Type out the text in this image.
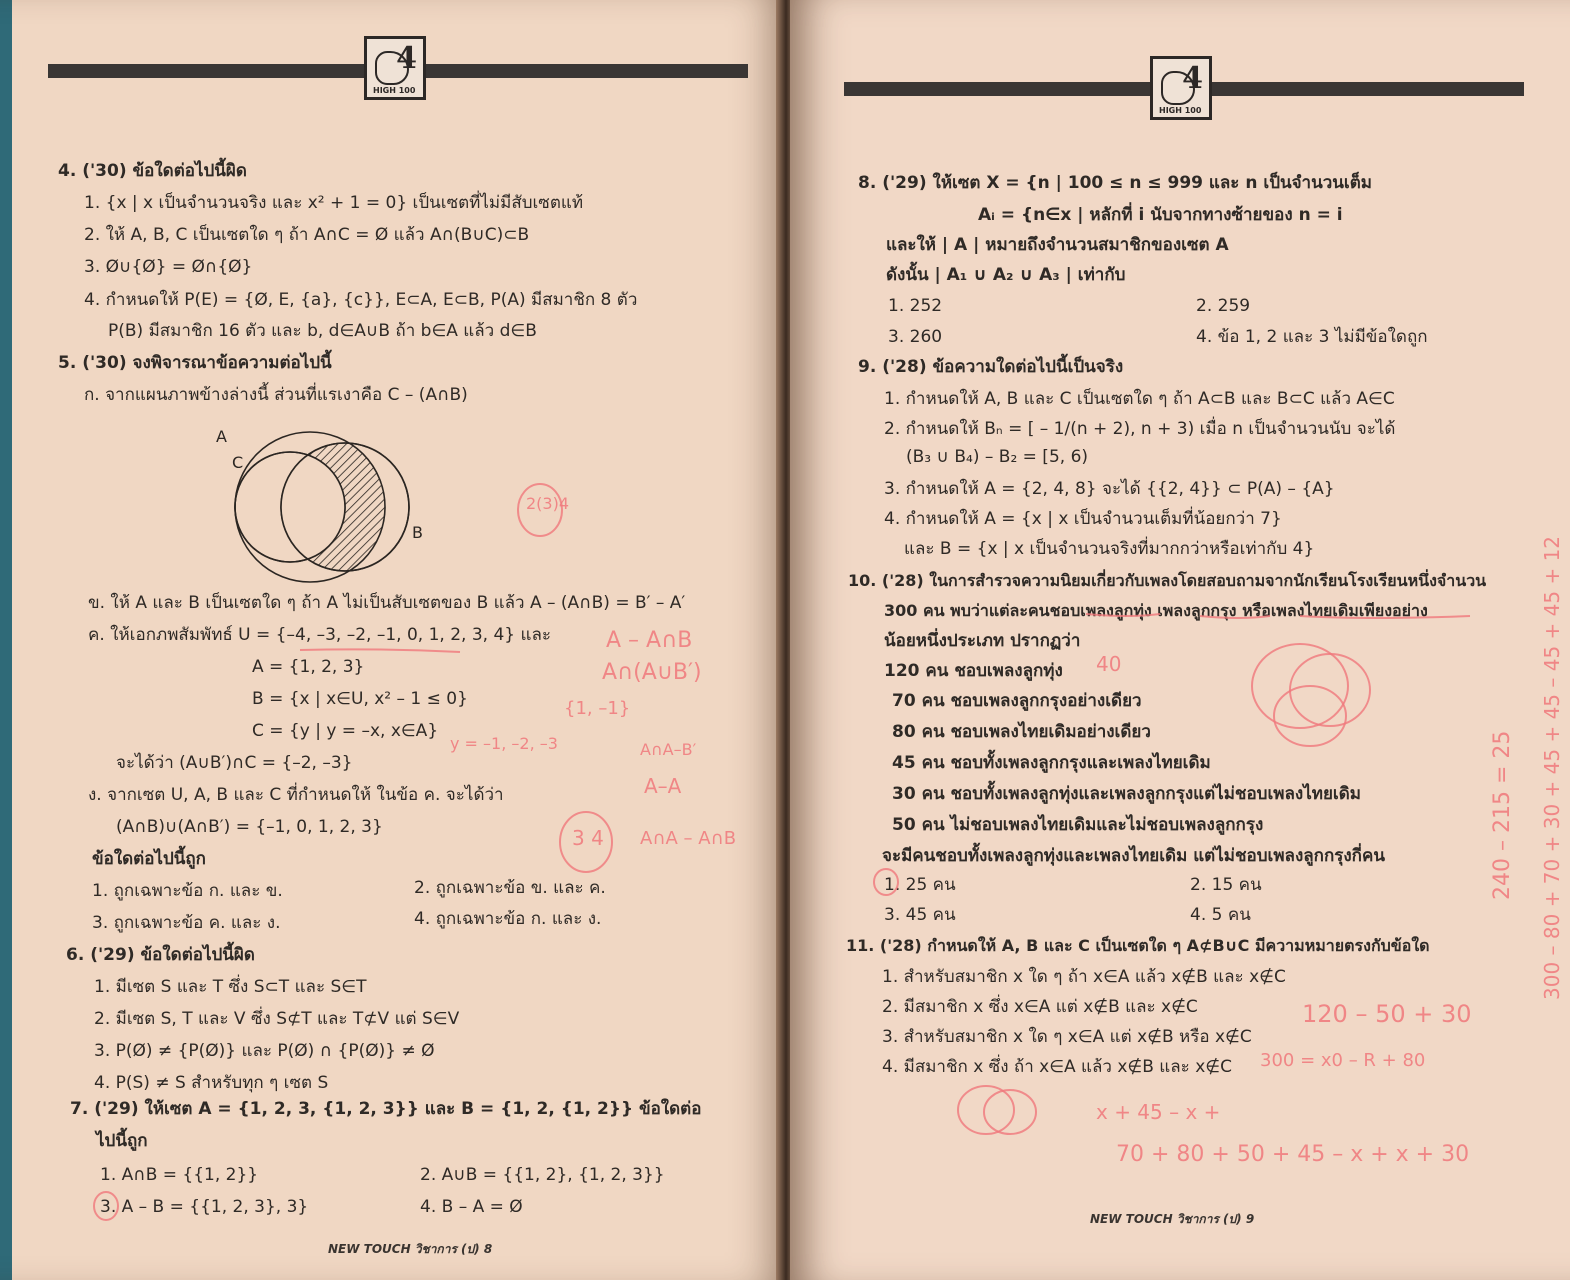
4
HIGH 100
4. ('30) ข้อใดต่อไปนี้ผิด
1. {x | x เป็นจำนวนจริง และ x² + 1 = 0} เป็นเซตที่ไม่มีสับเซตแท้
2. ให้ A, B, C เป็นเซตใด ๆ ถ้า A∩C = Ø แล้ว A∩(B∪C)⊂B
3. Ø∪{Ø} = Ø∩{Ø}
4. กำหนดให้ P(E) = {Ø, E, {a}, {c}}, E⊂A, E⊂B, P(A) มีสมาชิก 8 ตัว
P(B) มีสมาชิก 16 ตัว และ b, d∈A∪B ถ้า b∈A แล้ว d∈B
5. ('30) จงพิจารณาข้อความต่อไปนี้
ก. จากแผนภาพข้างล่างนี้ ส่วนที่แรเงาคือ C – (A∩B)
A
C
B
ข. ให้ A และ B เป็นเซตใด ๆ ถ้า A ไม่เป็นสับเซตของ B แล้ว A – (A∩B) = B′ – A′
ค. ให้เอกภพสัมพัทธ์ U = {–4, –3, –2, –1, 0, 1, 2, 3, 4} และ
A = {1, 2, 3}
B = {x | x∈U, x² – 1 ≤ 0}
C = {y | y = –x, x∈A}
จะได้ว่า (A∪B′)∩C = {–2, –3}
ง. จากเซต U, A, B และ C ที่กำหนดให้ ในข้อ ค. จะได้ว่า
(A∩B)∪(A∩B′) = {–1, 0, 1, 2, 3}
ข้อใดต่อไปนี้ถูก
1. ถูกเฉพาะข้อ ก. และ ข.	2. ถูกเฉพาะข้อ ข. และ ค.
3. ถูกเฉพาะข้อ ค. และ ง.	4. ถูกเฉพาะข้อ ก. และ ง.
6. ('29) ข้อใดต่อไปนี้ผิด
1. มีเซต S และ T ซึ่ง S⊂T และ S∈T
2. มีเซต S, T และ V ซึ่ง S⊄T และ T⊄V แต่ S∈V
3. P(Ø) ≠ {P(Ø)} และ P(Ø) ∩ {P(Ø)} ≠ Ø
4. P(S) ≠ S สำหรับทุก ๆ เซต S
7. ('29) ให้เซต A = {1, 2, 3, {1, 2, 3}} และ B = {1, 2, {1, 2}} ข้อใดต่อ
ไปนี้ถูก
1. A∩B = {{1, 2}}	2. A∪B = {{1, 2}, {1, 2, 3}}
3. A – B = {{1, 2, 3}, 3}	4. B – A = Ø
NEW TOUCH วิชาการ (ป) 8
A – A∩B
A∩(A∪B′)
{1, –1}
A∩A–B′
y = –1, –2, –3
A–A
3 4 A∩A – A∩B
2(3)4
4
HIGH 100
8. ('29) ให้เซต X = {n | 100 ≤ n ≤ 999 และ n เป็นจำนวนเต็ม
Aᵢ = {n∈x | หลักที่ i นับจากทางซ้ายของ n = i
และให้ | A | หมายถึงจำนวนสมาชิกของเซต A
ดังนั้น | A₁ ∪ A₂ ∪ A₃ | เท่ากับ
1. 252	2. 259
3. 260	4. ข้อ 1, 2 และ 3 ไม่มีข้อใดถูก
9. ('28) ข้อความใดต่อไปนี้เป็นจริง
1. กำหนดให้ A, B และ C เป็นเซตใด ๆ ถ้า A⊂B และ B⊂C แล้ว A∈C
2. กำหนดให้ Bₙ = [ – 1/(n + 2), n + 3) เมื่อ n เป็นจำนวนนับ จะได้
(B₃ ∪ B₄) – B₂ = [5, 6)
3. กำหนดให้ A = {2, 4, 8} จะได้ {{2, 4}} ⊂ P(A) – {A}
4. กำหนดให้ A = {x | x เป็นจำนวนเต็มที่น้อยกว่า 7}
และ B = {x | x เป็นจำนวนจริงที่มากกว่าหรือเท่ากับ 4}
10. ('28) ในการสำรวจความนิยมเกี่ยวกับเพลงโดยสอบถามจากนักเรียนโรงเรียนหนึ่งจำนวน
300 คน พบว่าแต่ละคนชอบเพลงลูกทุ่ง เพลงลูกกรุง หรือเพลงไทยเดิมเพียงอย่าง
น้อยหนึ่งประเภท ปรากฏว่า
120 คน ชอบเพลงลูกทุ่ง
70 คน ชอบเพลงลูกกรุงอย่างเดียว
80 คน ชอบเพลงไทยเดิมอย่างเดียว
45 คน ชอบทั้งเพลงลูกกรุงและเพลงไทยเดิม
30 คน ชอบทั้งเพลงลูกทุ่งและเพลงลูกกรุงแต่ไม่ชอบเพลงไทยเดิม
50 คน ไม่ชอบเพลงไทยเดิมและไม่ชอบเพลงลูกกรุง
จะมีคนชอบทั้งเพลงลูกทุ่งและเพลงไทยเดิม แต่ไม่ชอบเพลงลูกกรุงกี่คน
1. 25 คน	2. 15 คน
3. 45 คน	4. 5 คน
11. ('28) กำหนดให้ A, B และ C เป็นเซตใด ๆ A⊄B∪C มีความหมายตรงกับข้อใด
1. สำหรับสมาชิก x ใด ๆ ถ้า x∈A แล้ว x∉B และ x∉C
2. มีสมาชิก x ซึ่ง x∈A แต่ x∉B และ x∉C
3. สำหรับสมาชิก x ใด ๆ x∈A แต่ x∉B หรือ x∉C
4. มีสมาชิก x ซึ่ง ถ้า x∈A แล้ว x∉B และ x∉C
NEW TOUCH วิชาการ (ป) 9
40
120 – 50 + 30
300 = x0 – R + 80
x + 45 – x +
70 + 80 + 50 + 45 – x + x + 30
300 – 80 + 70 + 30 + 45 + 45 – 45 + 45 + 12
240 – 215 = 25
